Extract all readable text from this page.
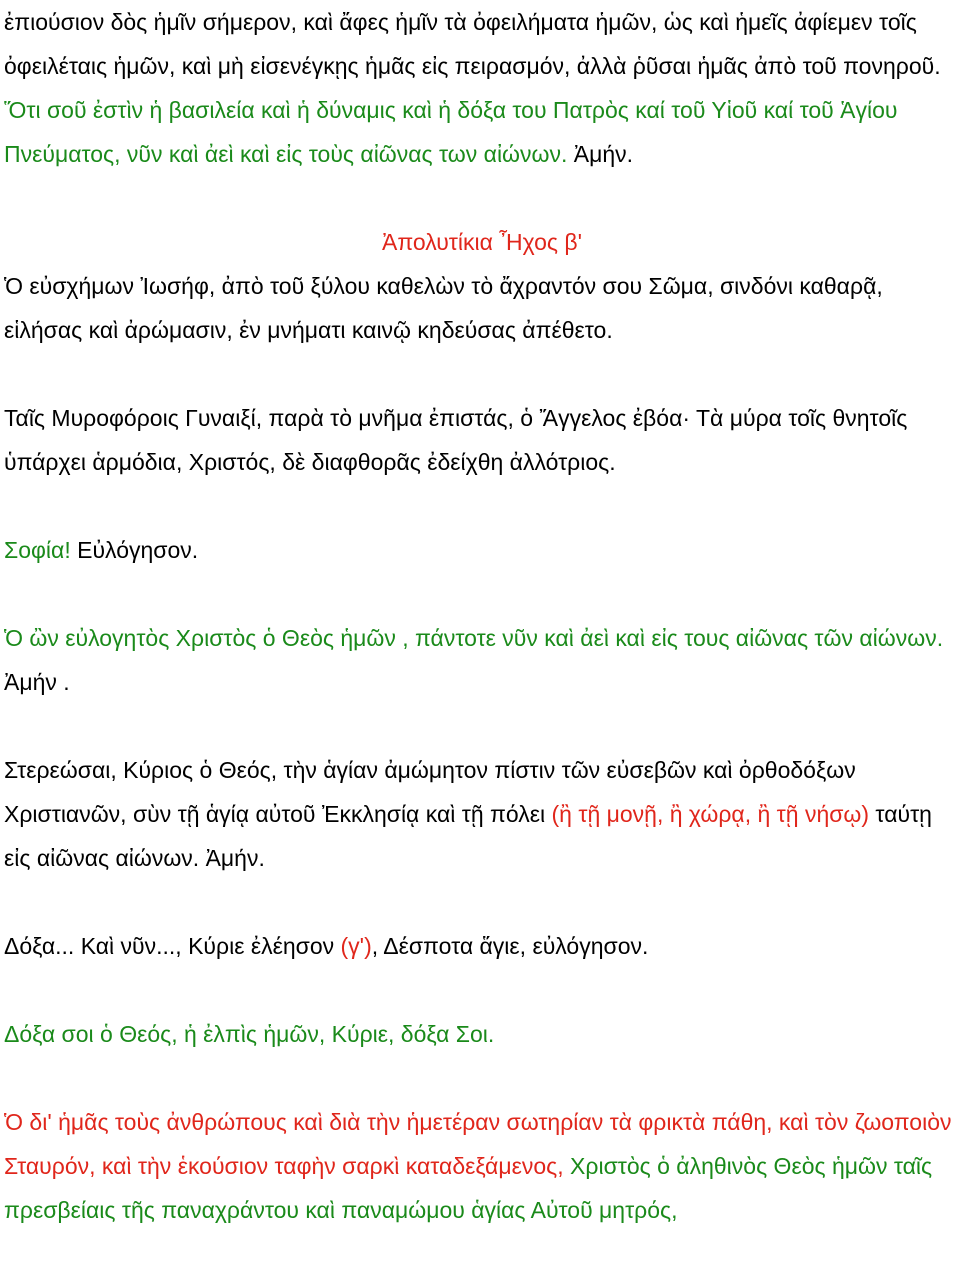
ἐπιούσιον δὸς ἡμῖν σήμερον, καὶ ἄφες ἡμῖν τὰ ὀφειλήματα ἡμῶν, ὡς καὶ ἡμεῖς ἀφίεμεν τοῖς ὀφειλέταις ἡμῶν, καὶ μὴ εἰσενέγκῃς ἡμᾶς εἰς πειρασμόν, ἀλλὰ ῥῦσαι ἡμᾶς ἀπὸ τοῦ πονηροῦ.

Ὅτι σοῦ ἐστὶν ἡ βασιλεία καὶ ἡ δύναμις καὶ ἡ δόξα του Πατρὸς καί τοῦ Υἱοῦ καί τοῦ Ἁγίου Πνεύματος, νῦν καὶ ἀεὶ καὶ εἰς τοὺς αἰῶνας των αἰώνων. Ἀμήν.

Ἀπολυτίκια Ἦχος β'

Ὁ εὐσχήμων Ἰωσήφ, ἀπὸ τοῦ ξύλου καθελὼν τὸ ἄχραντόν σου Σῶμα, σινδόνι καθαρᾷ, εἱλήσας καὶ ἀρώμασιν, ἐν μνήματι καινῷ κηδεύσας ἀπέθετο.

Ταῖς Μυροφόροις Γυναιξί, παρὰ τὸ μνῆμα ἐπιστάς, ὁ Ἄγγελος ἐβόα· Τὰ μύρα τοῖς θνητοῖς ὑπάρχει ἁρμόδια, Χριστός, δὲ διαφθορᾶς ἐδείχθη ἀλλότριος.

Σοφία! Εὐλόγησον.

Ὁ ὢν εὐλογητὸς Χριστὸς ὁ Θεὸς ἡμῶν , πάντοτε νῦν καὶ ἀεὶ καὶ εἰς τους αἰῶνας τῶν αἰώνων. Ἀμήν .

Στερεώσαι, Κύριος ὁ Θεός, τὴν ἁγίαν ἀμώμητον πίστιν τῶν εὐσεβῶν καὶ ὀρθοδόξων Χριστιανῶν, σὺν τῇ ἁγίᾳ αὐτοῦ Ἐκκλησίᾳ καὶ τῇ πόλει (ἢ τῇ μονῇ, ἢ χώρᾳ, ἢ τῇ νήσῳ) ταύτῃ εἰς αἰῶνας αἰώνων. Ἀμήν.

Δόξα... Καὶ νῦν..., Κύριε ἐλέησον (γ'), Δέσποτα ἅγιε, εὐλόγησον.

Δόξα σοι ὁ Θεός, ἡ ἐλπὶς ἡμῶν, Κύριε, δόξα Σοι.

Ὁ δι' ἡμᾶς τοὺς ἀνθρώπους καὶ διὰ τὴν ἡμετέραν σωτηρίαν τὰ φρικτὰ πάθη, καὶ τὸν ζωοποιὸν Σταυρόν, καὶ τὴν ἑκούσιον ταφὴν σαρκὶ καταδεξάμενος, Χριστὸς ὁ ἀληθινὸς Θεὸς ἡμῶν ταῖς πρεσβείαις τῆς παναχράντου καὶ παναμώμου ἁγίας Αὐτοῦ μητρός,
